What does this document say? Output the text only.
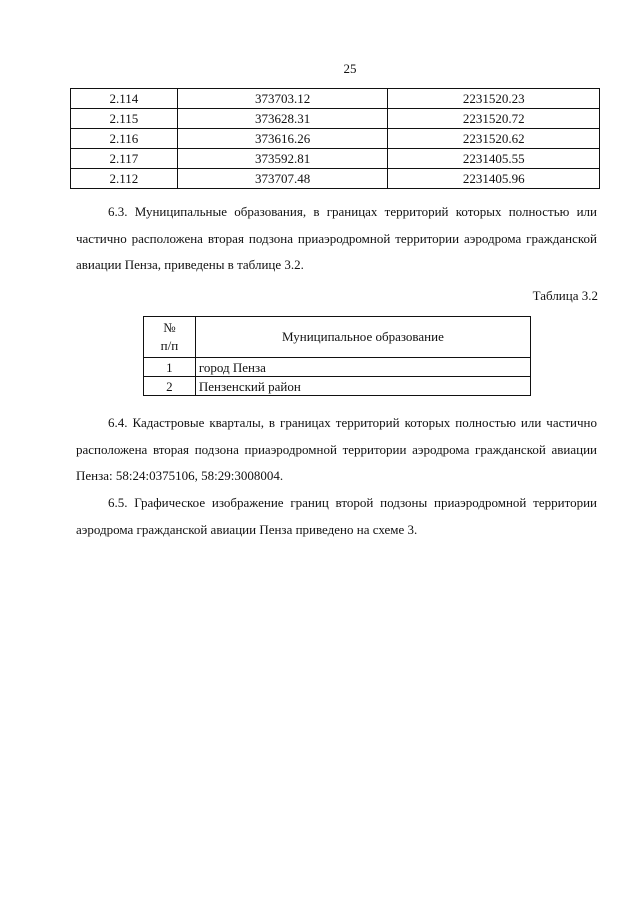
25
2.114	373703.12	2231520.23
2.115	373628.31	2231520.72
2.116	373616.26	2231520.62
2.117	373592.81	2231405.55
2.112	373707.48	2231405.96

6.3. Муниципальные образования, в границах территорий которых полностью или частично расположена вторая подзона приаэродромной территории аэродрома гражданской авиации Пенза, приведены в таблице 3.2.

Таблица 3.2
№
п/п	Муниципальное образование
1	город Пенза
2	Пензенский район

6.4. Кадастровые кварталы, в границах территорий которых полностью или частично расположена вторая подзона приаэродромной территории аэродрома гражданской авиации Пенза: 58:24:0375106, 58:29:3008004.

6.5. Графическое изображение границ второй подзоны приаэродромной территории аэродрома гражданской авиации Пенза приведено на схеме 3.
